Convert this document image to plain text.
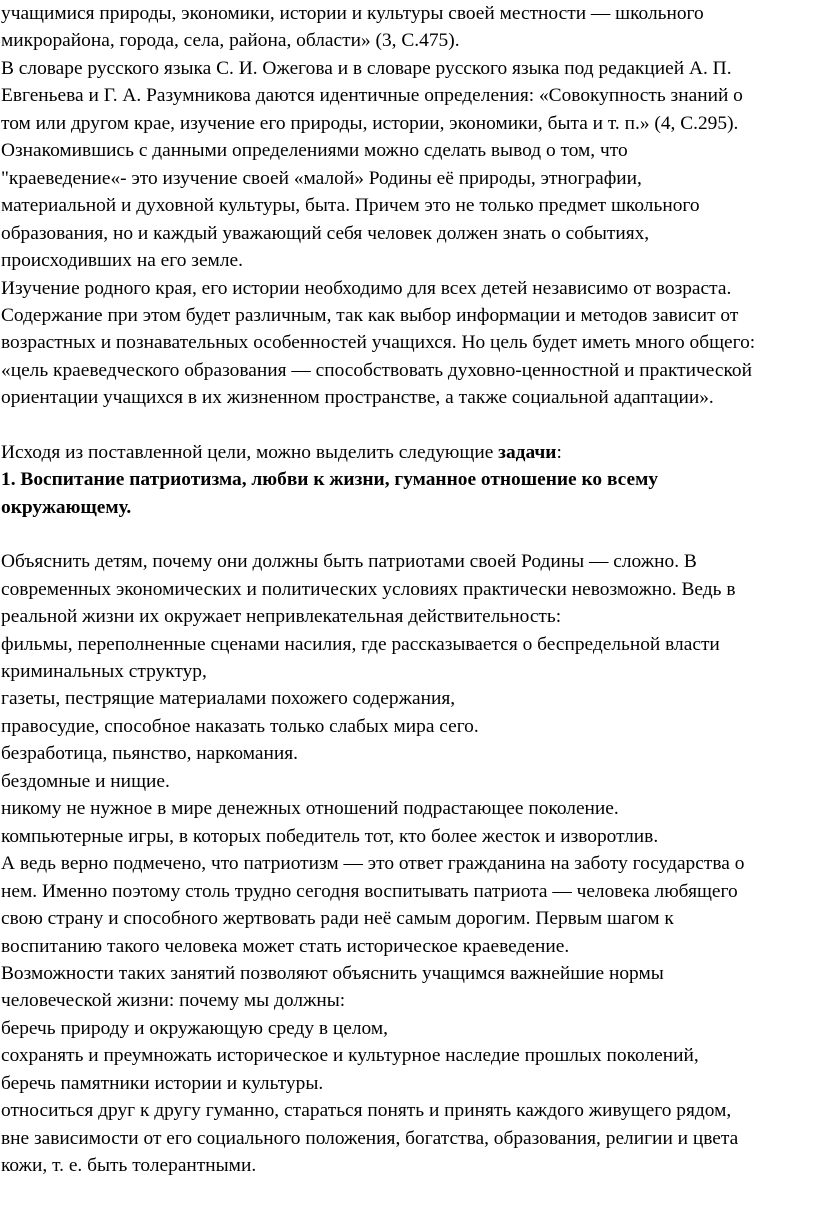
учащимися природы, экономики, истории и культуры своей местности — школьного
микрорайона, города, села, района, области» (3, С.475).

В словаре русского языка С. И. Ожегова и в словаре русского языка под редакцией А. П.
Евгеньева и Г. А. Разумникова даются идентичные определения: «Совокупность знаний о
том или другом крае, изучение его природы, истории, экономики, быта и т. п.» (4, С.295).

Ознакомившись с данными определениями можно сделать вывод о том, что
"краеведение«- это изучение своей «малой» Родины её природы, этнографии,
материальной и духовной культуры, быта. Причем это не только предмет школьного
образования, но и каждый уважающий себя человек должен знать о событиях,
происходивших на его земле.

Изучение родного края, его истории необходимо для всех детей независимо от возраста.
Содержание при этом будет различным, так как выбор информации и методов зависит от
возрастных и познавательных особенностей учащихся. Но цель будет иметь много общего:
«цель краеведческого образования — способствовать духовно-ценностной и практической
ориентации учащихся в их жизненном пространстве, а также социальной адаптации».

Исходя из поставленной цели, можно выделить следующие задачи:

1. Воспитание патриотизма, любви к жизни, гуманное отношение ко всему
окружающему.

Объяснить детям, почему они должны быть патриотами своей Родины — сложно. В
современных экономических и политических условиях практически невозможно. Ведь в
реальной жизни их окружает непривлекательная действительность:

фильмы, переполненные сценами насилия, где рассказывается о беспредельной власти
криминальных структур,

газеты, пестрящие материалами похожего содержания,

правосудие, способное наказать только слабых мира сего.

безработица, пьянство, наркомания.

бездомные и нищие.

никому не нужное в мире денежных отношений подрастающее поколение.

компьютерные игры, в которых победитель тот, кто более жесток и изворотлив.

А ведь верно подмечено, что патриотизм — это ответ гражданина на заботу государства о
нем. Именно поэтому столь трудно сегодня воспитывать патриота — человека любящего
свою страну и способного жертвовать ради неё самым дорогим. Первым шагом к
воспитанию такого человека может стать историческое краеведение.

Возможности таких занятий позволяют объяснить учащимся важнейшие нормы
человеческой жизни: почему мы должны:

беречь природу и окружающую среду в целом,

сохранять и преумножать историческое и культурное наследие прошлых поколений,
беречь памятники истории и культуры.

относиться друг к другу гуманно, стараться понять и принять каждого живущего рядом,
вне зависимости от его социального положения, богатства, образования, религии и цвета
кожи, т. е. быть толерантными.
